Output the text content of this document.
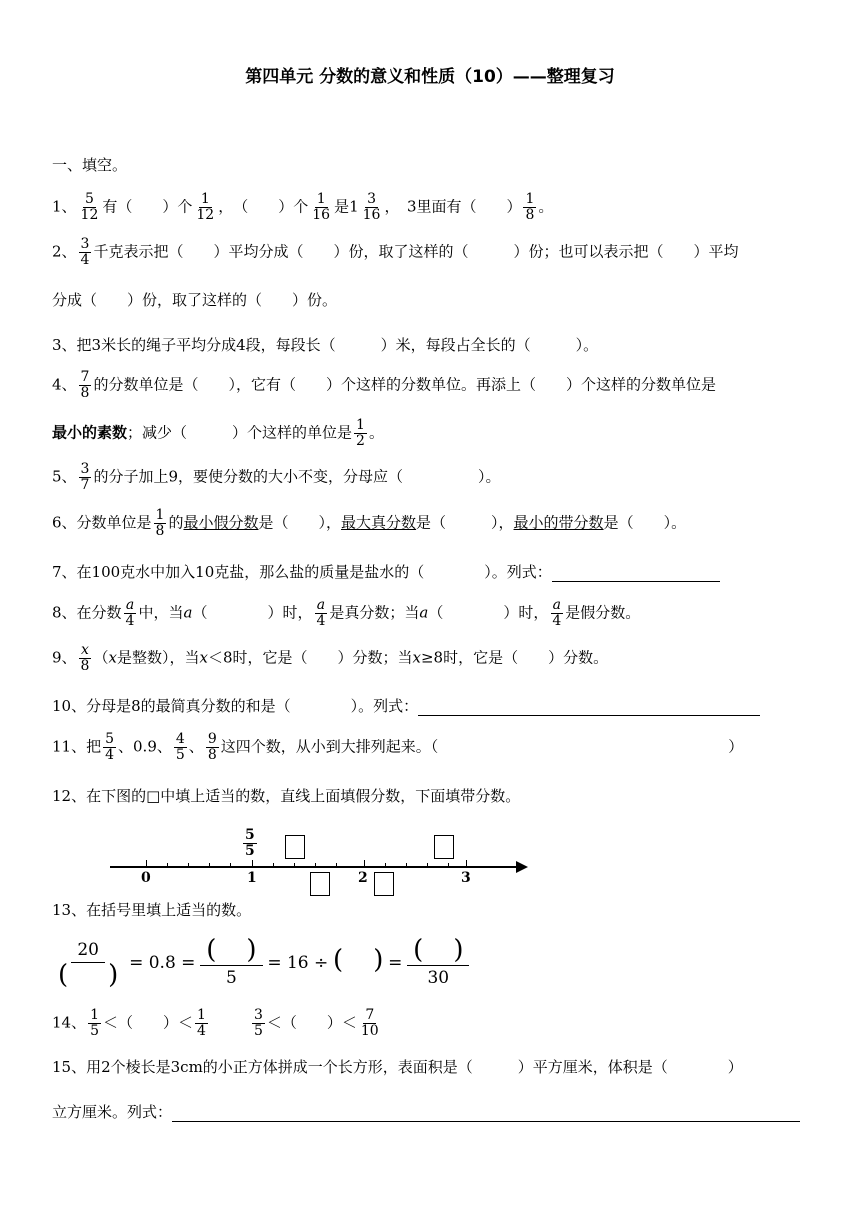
第四单元 分数的意义和性质（10）——整理复习
一、填空。
1、 $\frac{5}{12}$ 有（　　）个 $\frac{1}{12}$ ，　（　　）个 $\frac{1}{16}$ 是$1 \frac{3}{16}$ ，　3里面有（　　） $\frac{1}{8}$ 。
2、 $\frac{3}{4}$ 千克表示把（　　）平均分成（　　）份，取了这样的（　　　）份；也可以表示把（　　）平均
分成（　　）份，取了这样的（　　）份。
3、把3米长的绳子平均分成4段，每段长（　　　）米，每段占全长的（　　　）。
4、 $\frac{7}{8}$ 的分数单位是（　　），它有（　　）个这样的分数单位。再添上（　　）个这样的分数单位是
最小的素数；减少（　　　）个这样的单位是 $\frac{1}{2}$ 。
5、 $\frac{3}{7}$ 的分子加上9，要使分数的大小不变，分母应（　　　　　）。
6、分数单位是 $\frac{1}{8}$ 的最小假分数是（　　），最大真分数是（　　　），最小的带分数是（　　）。
7、在100克水中加入10克盐，那么盐的质量是盐水的（　　　　）。列式：
8、在分数 $\frac{a}{4}$ 中，当a（　　　　）时， $\frac{a}{4}$ 是真分数；当a（　　　　）时， $\frac{a}{4}$ 是假分数。
9、 $\frac{x}{8} (x$是整数），当x＜8时，它是（　　）分数；当x≥8时，它是（　　）分数。
10、分母是8的最简真分数的和是（　　　　）。列式：
11、把 $\frac{5}{4}$ 、0.9、 $\frac{4}{5}$ 、 $\frac{9}{8}$ 这四个数，从小到大排列起来。（	）
12、在下图的□中填上适当的数，直线上面填假分数，下面填带分数。
0	1	2	3
$\frac{5}{5}$
13、在括号里填上适当的数。
20
( ) = 0.8 = ( )
5
= 16 ÷ ( ) = ( )
30
14、 $\frac{1}{5}$ ＜（　　）＜ $\frac{1}{4}$	$\frac{3}{5}$ ＜（　　）＜ $\frac{7}{10}$
15、用2个棱长是3cm的小正方体拼成一个长方形，表面积是（　　　）平方厘米，体积是（　　　　）
立方厘米。列式：
